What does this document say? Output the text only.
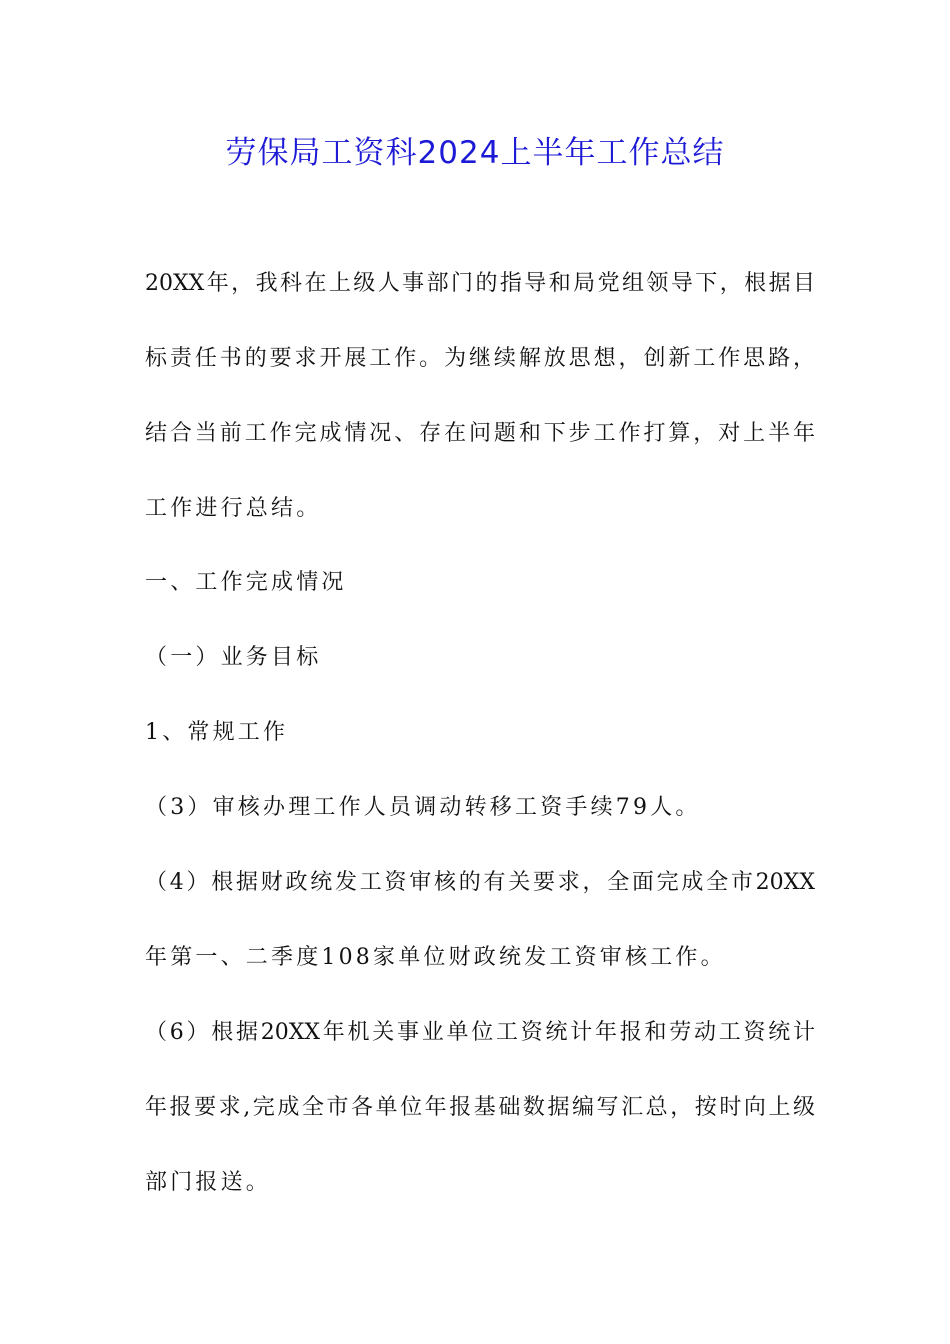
劳保局工资科2024上半年工作总结
20XX年，我科在上级人事部门的指导和局党组领导下，根据目
标责任书的要求开展工作。为继续解放思想，创新工作思路，
结合当前工作完成情况、存在问题和下步工作打算，对上半年
工作进行总结。
一、工作完成情况
（一）业务目标
1、常规工作
（3）审核办理工作人员调动转移工资手续79人。
（4）根据财政统发工资审核的有关要求，全面完成全市20XX
年第一、二季度108家单位财政统发工资审核工作。
（6）根据20XX年机关事业单位工资统计年报和劳动工资统计
年报要求,完成全市各单位年报基础数据编写汇总，按时向上级
部门报送。
